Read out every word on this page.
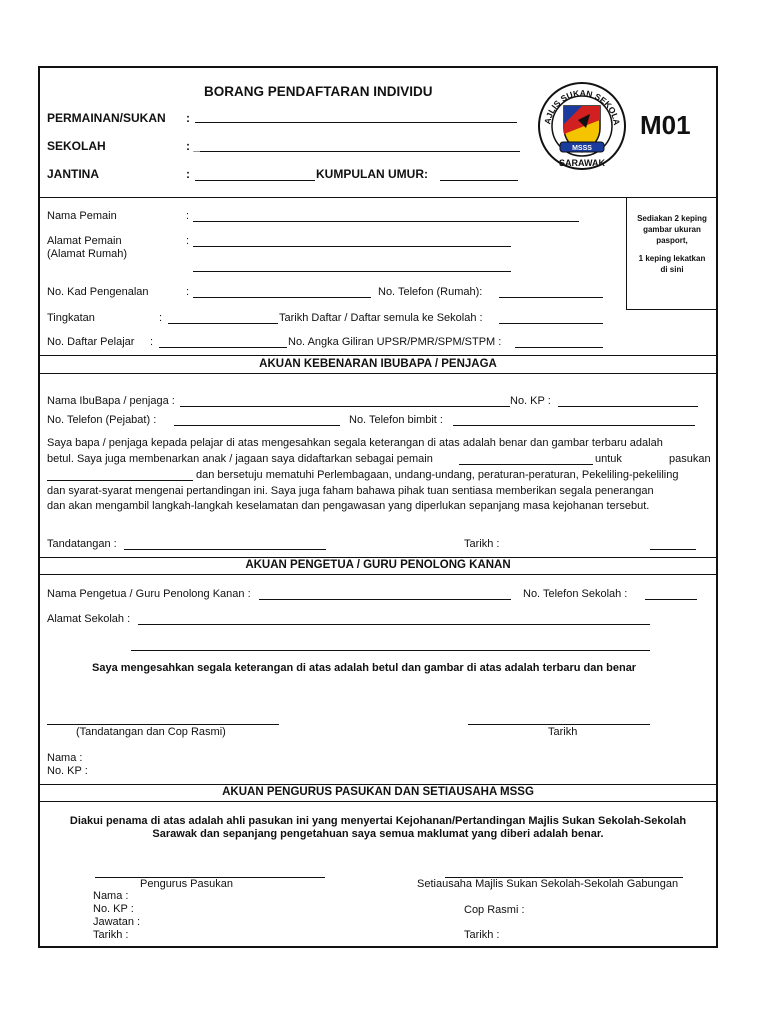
BORANG PENDAFTARAN INDIVIDU
PERMAINAN/SUKAN :
SEKOLAH	: _
JANTINA	:	KUMPULAN UMUR:
AJLIS SUKAN SEKOLA
MSSS
SARAWAK
M01
Sediakan 2 keping
gambar ukuran
pasport,
1 keping lekatkan
di sini
Nama Pemain	:
Alamat Pemain
(Alamat Rumah)
:
No. Kad Pengenalan	:	No. Telefon (Rumah):
Tingkatan	:	Tarikh Daftar / Daftar semula ke Sekolah :
No. Daftar Pelajar :	No. Angka Giliran UPSR/PMR/SPM/STPM :
AKUAN KEBENARAN IBUBAPA / PENJAGA
Nama IbuBapa / penjaga :	No. KP :
No. Telefon (Pejabat) :	No. Telefon bimbit :
Saya bapa / penjaga kepada pelajar di atas mengesahkan segala keterangan di atas adalah benar dan gambar terbaru adalah
betul. Saya juga membenarkan anak / jagaan saya didaftarkan sebagai pemain	untuk	pasukan
dan bersetuju mematuhi Perlembagaan, undang-undang, peraturan-peraturan, Pekeliling-pekeliling
dan syarat-syarat mengenai pertandingan ini. Saya juga faham bahawa pihak tuan sentiasa memberikan segala penerangan
dan akan mengambil langkah-langkah keselamatan dan pengawasan yang diperlukan sepanjang masa kejohanan tersebut.
Tandatangan :	Tarikh :
AKUAN PENGETUA / GURU PENOLONG KANAN
Nama Pengetua / Guru Penolong Kanan :	No. Telefon Sekolah :
Alamat Sekolah :
Saya mengesahkan segala keterangan di atas adalah betul dan gambar di atas adalah terbaru dan benar
(Tandatangan dan Cop Rasmi)	Tarikh
Nama :
No. KP :
AKUAN PENGURUS PASUKAN DAN SETIAUSAHA MSSG
Diakui penama di atas adalah ahli pasukan ini yang menyertai Kejohanan/Pertandingan Majlis Sukan Sekolah-Sekolah
Sarawak dan sepanjang pengetahuan saya semua maklumat yang diberi adalah benar.
Pengurus Pasukan	Setiausaha Majlis Sukan Sekolah-Sekolah Gabungan
Nama :
No. KP :	Cop Rasmi :
Jawatan :
Tarikh :	Tarikh :
